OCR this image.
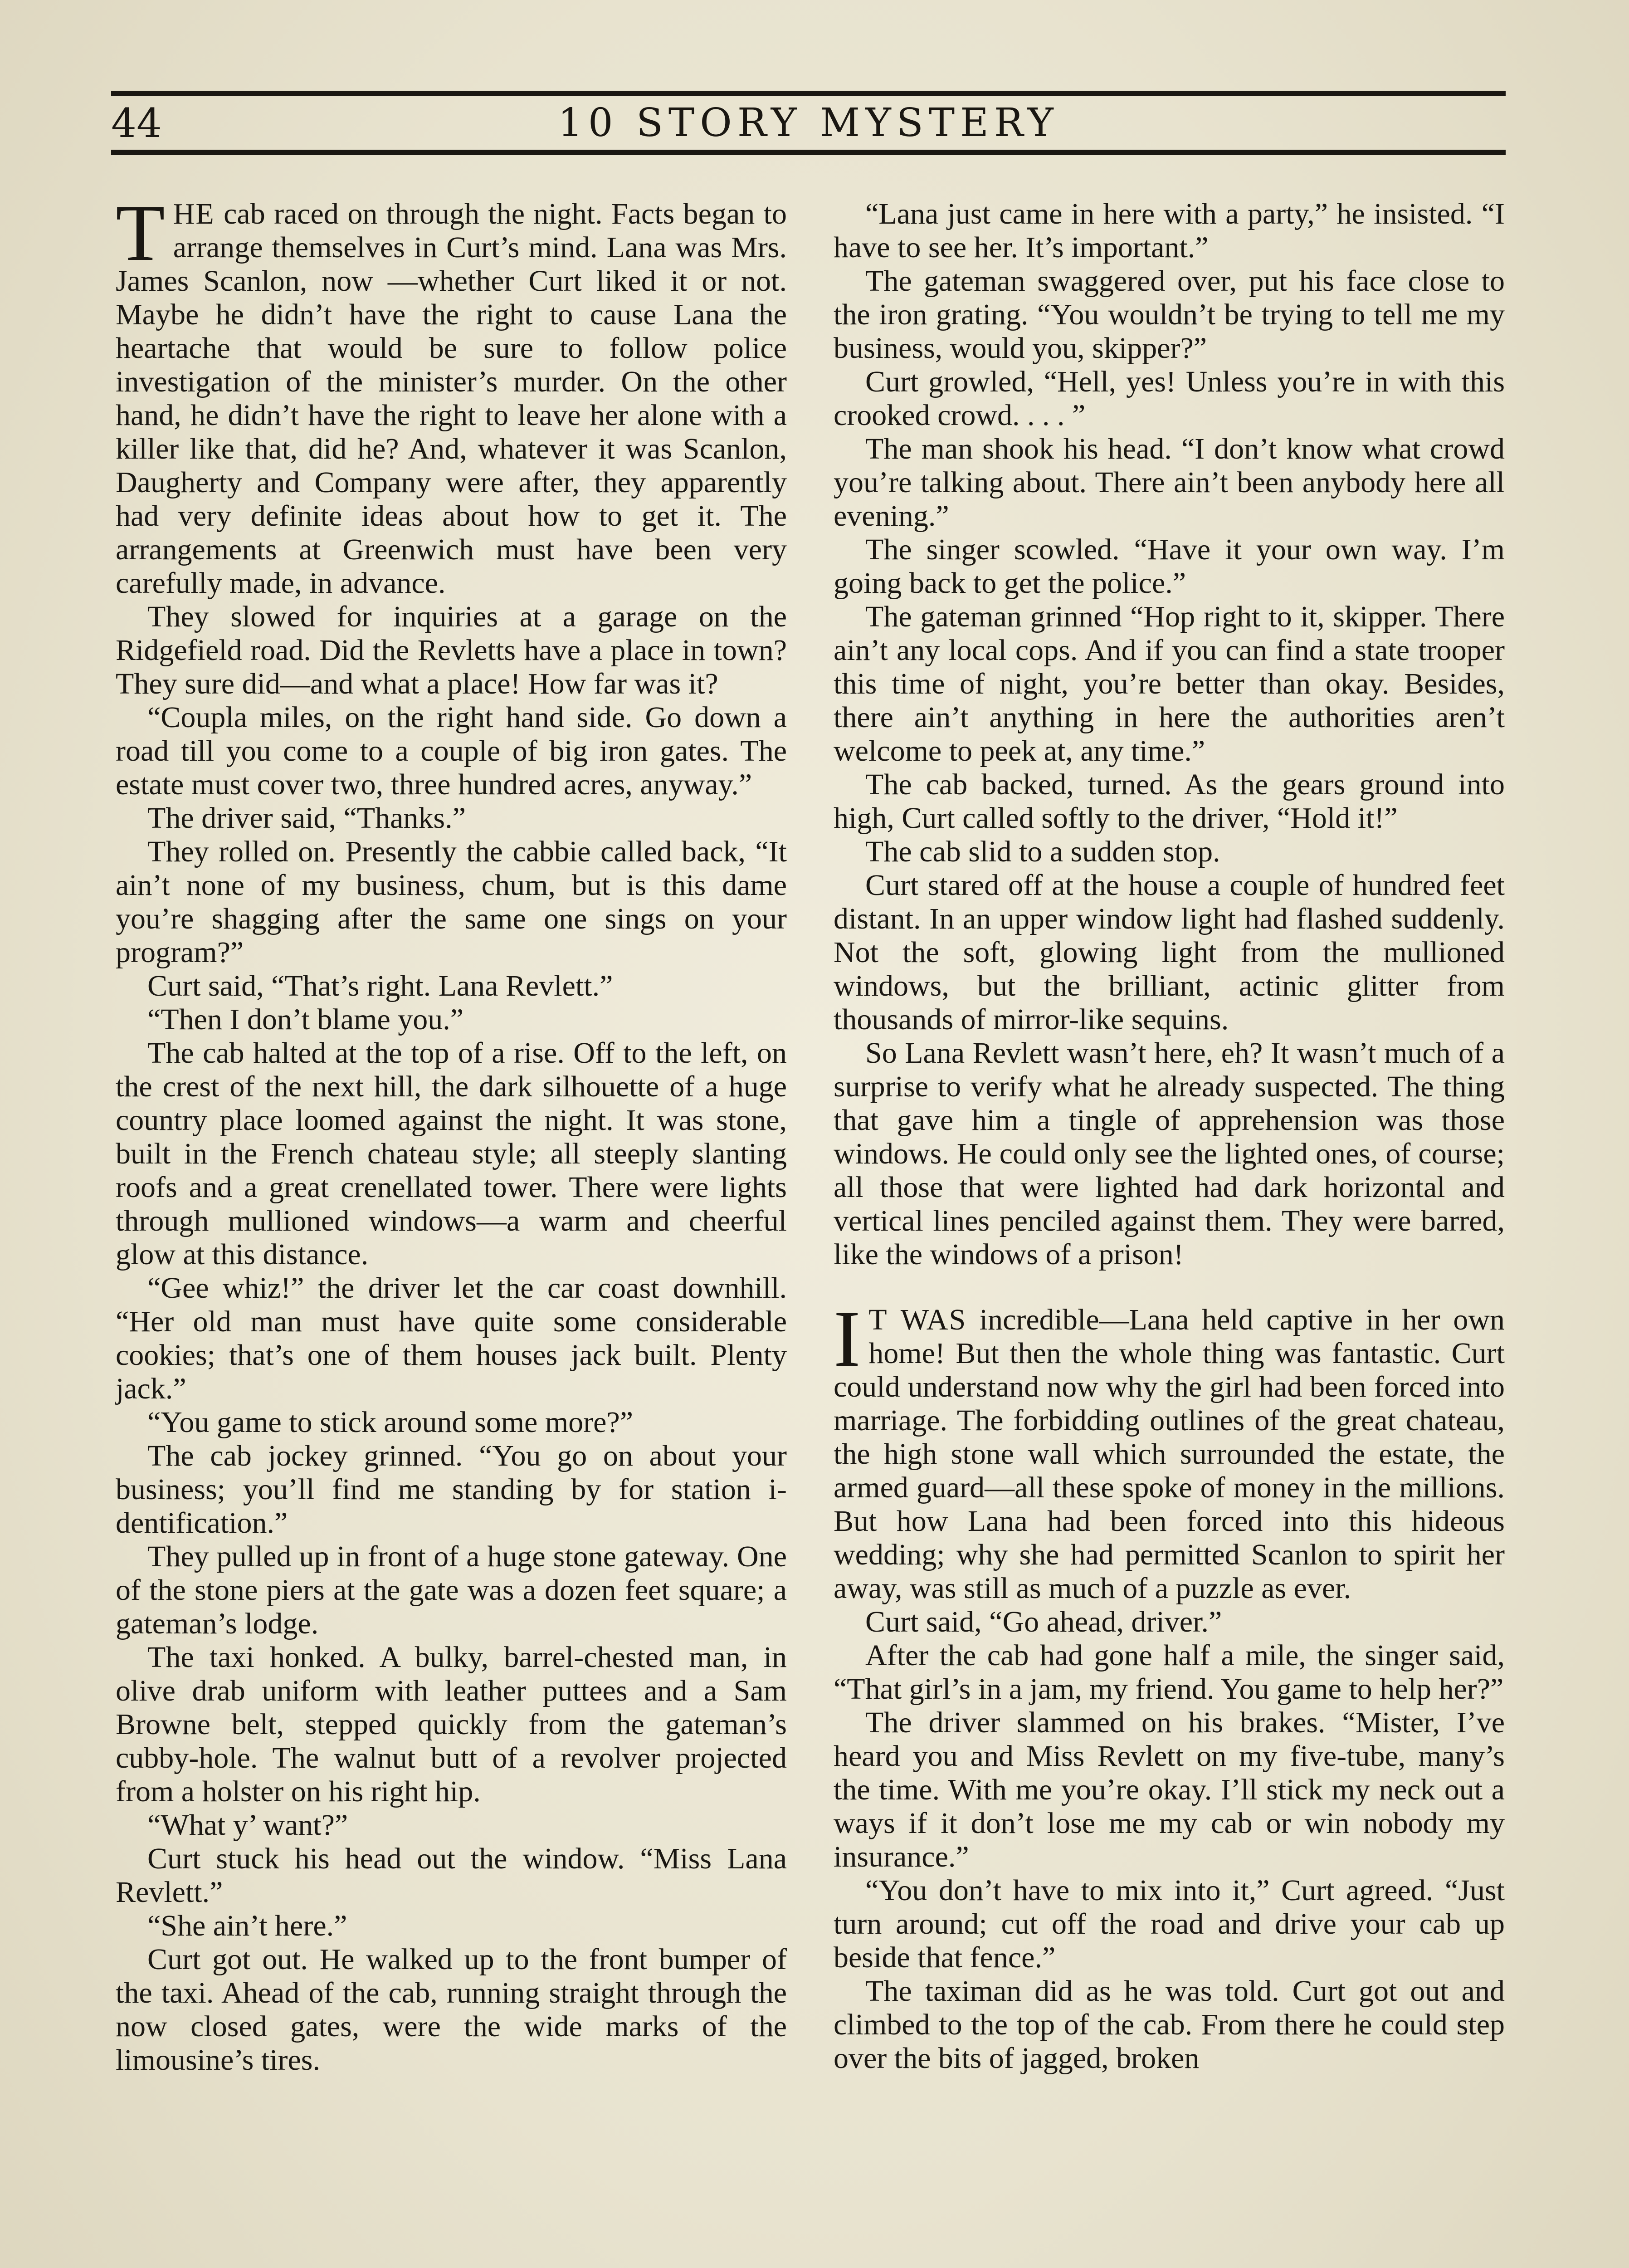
44	10 STORY MYSTERY

THE cab raced on through the night. Facts began to arrange themselves in Curt’s mind. Lana was Mrs. James Scanlon, now —whether Curt liked it or not. Maybe he didn’t have the right to cause Lana the heartache that would be sure to follow police investigation of the minister’s murder. On the other hand, he didn’t have the right to leave her alone with a killer like that, did he? And, whatever it was Scanlon, Daugherty and Company were after, they apparently had very definite ideas about how to get it. The arrangements at Greenwich must have been very carefully made, in advance.

They slowed for inquiries at a garage on the Ridgefield road. Did the Revletts have a place in town? They sure did—and what a place! How far was it?

“Coupla miles, on the right hand side. Go down a road till you come to a couple of big iron gates. The estate must cover two, three hundred acres, anyway.”

The driver said, “Thanks.”

They rolled on. Presently the cabbie called back, “It ain’t none of my business, chum, but is this dame you’re shagging after the same one sings on your program?”

Curt said, “That’s right. Lana Revlett.”

“Then I don’t blame you.”

The cab halted at the top of a rise. Off to the left, on the crest of the next hill, the dark silhouette of a huge country place loomed against the night. It was stone, built in the French chateau style; all steeply slanting roofs and a great crenellated tower. There were lights through mullioned windows—a warm and cheerful glow at this distance.

“Gee whiz!” the driver let the car coast downhill. “Her old man must have quite some considerable cookies; that’s one of them houses jack built. Plenty jack.”

“You game to stick around some more?”

The cab jockey grinned. “You go on about your business; you’ll find me standing by for station i-dentification.”

They pulled up in front of a huge stone gateway. One of the stone piers at the gate was a dozen feet square; a gateman’s lodge.

The taxi honked. A bulky, barrel-chested man, in olive drab uniform with leather puttees and a Sam Browne belt, stepped quickly from the gateman’s cubby-hole. The walnut butt of a revolver projected from a holster on his right hip.

“What y’ want?”

Curt stuck his head out the window. “Miss Lana Revlett.”

“She ain’t here.”

Curt got out. He walked up to the front bumper of the taxi. Ahead of the cab, running straight through the now closed gates, were the wide marks of the limousine’s tires.

“Lana just came in here with a party,” he insisted. “I have to see her. It’s important.”

The gateman swaggered over, put his face close to the iron grating. “You wouldn’t be trying to tell me my business, would you, skipper?”

Curt growled, “Hell, yes! Unless you’re in with this crooked crowd. . . . ”

The man shook his head. “I don’t know what crowd you’re talking about. There ain’t been anybody here all evening.”

The singer scowled. “Have it your own way. I’m going back to get the police.”

The gateman grinned “Hop right to it, skipper. There ain’t any local cops. And if you can find a state trooper this time of night, you’re better than okay. Besides, there ain’t anything in here the authorities aren’t welcome to peek at, any time.”

The cab backed, turned. As the gears ground into high, Curt called softly to the driver, “Hold it!”

The cab slid to a sudden stop.

Curt stared off at the house a couple of hundred feet distant. In an upper window light had flashed suddenly. Not the soft, glowing light from the mullioned windows, but the brilliant, actinic glitter from thousands of mirror-like sequins.

So Lana Revlett wasn’t here, eh? It wasn’t much of a surprise to verify what he already suspected. The thing that gave him a tingle of apprehension was those windows. He could only see the lighted ones, of course; all those that were lighted had dark horizontal and vertical lines penciled against them. They were barred, like the windows of a prison!

I T WAS incredible—Lana held captive in her own home! But then the whole thing was fantastic. Curt could understand now why the girl had been forced into marriage. The forbidding outlines of the great chateau, the high stone wall which surrounded the estate, the armed guard—all these spoke of money in the millions. But how Lana had been forced into this hideous wedding; why she had permitted Scanlon to spirit her away, was still as much of a puzzle as ever.

Curt said, “Go ahead, driver.”

After the cab had gone half a mile, the singer said, “That girl’s in a jam, my friend. You game to help her?”

The driver slammed on his brakes. “Mister, I’ve heard you and Miss Revlett on my five-tube, many’s the time. With me you’re okay. I’ll stick my neck out a ways if it don’t lose me my cab or win nobody my insurance.”

“You don’t have to mix into it,” Curt agreed. “Just turn around; cut off the road and drive your cab up beside that fence.”

The taximan did as he was told. Curt got out and climbed to the top of the cab. From there he could step over the bits of jagged, broken
